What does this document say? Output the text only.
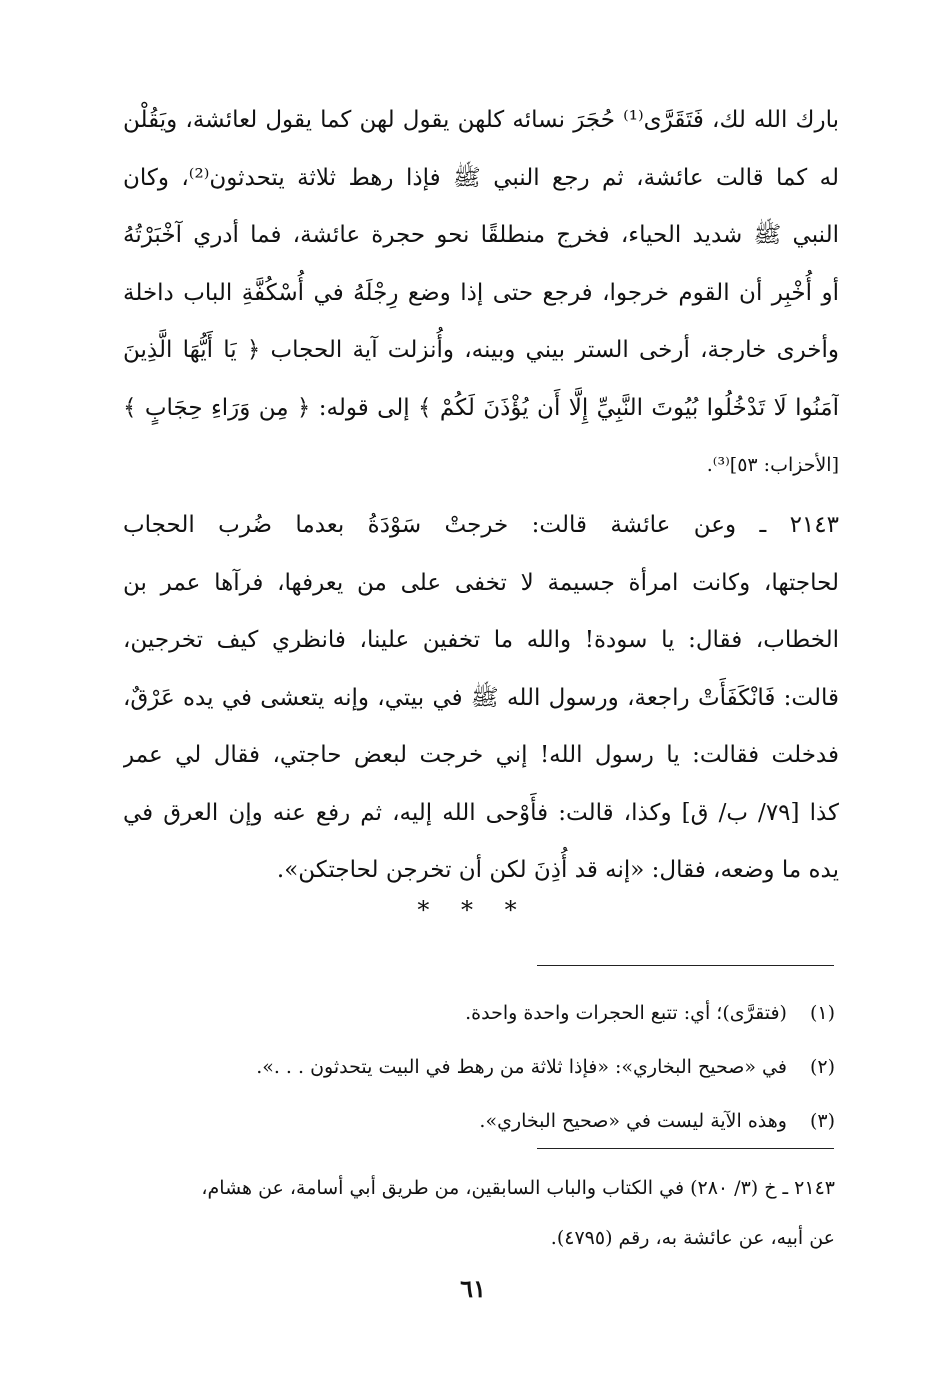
بارك الله لك، فَتَقَرَّى⁽¹⁾ حُجَرَ نسائه كلهن يقول لهن كما يقول لعائشة، ويَقُلْن
له كما قالت عائشة، ثم رجع النبي ﷺ فإذا رهط ثلاثة يتحدثون⁽²⁾، وكان
النبي ﷺ شديد الحياء، فخرج منطلقًا نحو حجرة عائشة، فما أدري آخْبَرْتُهُ
أو أُخْبِر أن القوم خرجوا، فرجع حتى إذا وضع رِجْلَهُ في أُسْكُفَّةِ الباب داخلة
وأخرى خارجة، أرخى الستر بيني وبينه، وأُنزلت آية الحجاب ﴿ يَا أَيُّهَا الَّذِينَ
آمَنُوا لَا تَدْخُلُوا بُيُوتَ النَّبِيِّ إِلَّا أَن يُؤْذَنَ لَكُمْ ﴾ إلى قوله: ﴿ مِن وَرَاءِ حِجَابٍ ﴾
[الأحزاب: ٥٣]⁽³⁾.
٢١٤٣ ـ وعن عائشة قالت: خرجتْ سَوْدَةُ بعدما ضُرب الحجاب
لحاجتها، وكانت امرأة جسيمة لا تخفى على من يعرفها، فرآها عمر بن
الخطاب، فقال: يا سودة! والله ما تخفين علينا، فانظري كيف تخرجين،
قالت: فَانْكَفَأَتْ راجعة، ورسول الله ﷺ في بيتي، وإنه يتعشى في يده عَرْقٌ،
فدخلت فقالت: يا رسول الله! إني خرجت لبعض حاجتي، فقال لي عمر
كذا [٧٩/ ب/ ق] وكذا، قالت: فأَوْحى الله إليه، ثم رفع عنه وإن العرق في
يده ما وضعه، فقال: «إنه قد أُذِنَ لكن أن تخرجن لحاجتكن».
* * *
(١) (فتقرَّى)؛ أي: تتبع الحجرات واحدة واحدة.
(٢) في «صحيح البخاري»: «فإذا ثلاثة من رهط في البيت يتحدثون . . .».
(٣) وهذه الآية ليست في «صحيح البخاري».
٢١٤٣ ـ خ (٣/ ٢٨٠) في الكتاب والباب السابقين، من طريق أبي أسامة، عن هشام،
عن أبيه، عن عائشة به، رقم (٤٧٩٥).
٦١
